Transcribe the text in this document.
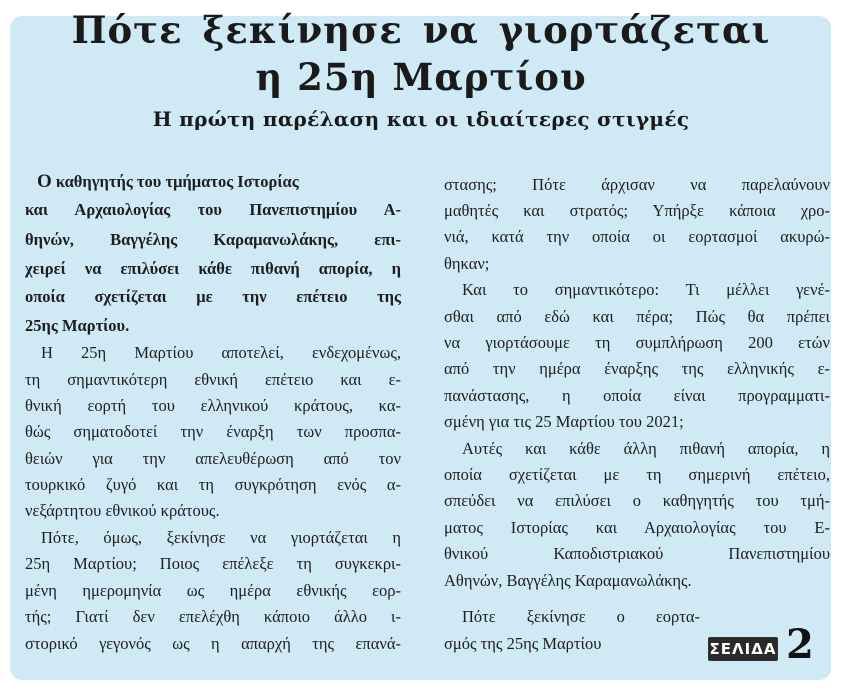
Πότε ξεκίνησε να γιορτάζεται
η 25η Μαρτίου
Η πρώτη παρέλαση και οι ιδιαίτερες στιγμές
Ο καθηγητής του τμήματος Ιστορίας
και Αρχαιολογίας του Πανεπιστημίου Α-
θηνών, Βαγγέλης Καραμανωλάκης, επι-
χειρεί να επιλύσει κάθε πιθανή απορία, η
οποία σχετίζεται με την επέτειο της
25ης Μαρτίου.
Η 25η Μαρτίου αποτελεί, ενδεχομένως,
τη σημαντικότερη εθνική επέτειο και ε-
θνική εορτή του ελληνικού κράτους, κα-
θώς σηματοδοτεί την έναρξη των προσπα-
θειών για την απελευθέρωση από τον
τουρκικό ζυγό και τη συγκρότηση ενός α-
νεξάρτητου εθνικού κράτους.
Πότε, όμως, ξεκίνησε να γιορτάζεται η
25η Μαρτίου; Ποιος επέλεξε τη συγκεκρι-
μένη ημερομηνία ως ημέρα εθνικής εορ-
τής; Γιατί δεν επελέχθη κάποιο άλλο ι-
στορικό γεγονός ως η απαρχή της επανά-
στασης; Πότε άρχισαν να παρελαύνουν
μαθητές και στρατός; Υπήρξε κάποια χρο-
νιά, κατά την οποία οι εορτασμοί ακυρώ-
θηκαν;
Και το σημαντικότερο: Τι μέλλει γενέ-
σθαι από εδώ και πέρα; Πώς θα πρέπει
να γιορτάσουμε τη συμπλήρωση 200 ετών
από την ημέρα έναρξης της ελληνικής ε-
πανάστασης, η οποία είναι προγραμματι-
σμένη για τις 25 Μαρτίου του 2021;
Αυτές και κάθε άλλη πιθανή απορία, η
οποία σχετίζεται με τη σημερινή επέτειο,
σπεύδει να επιλύσει ο καθηγητής του τμή-
ματος Ιστορίας και Αρχαιολογίας του Ε-
θνικού Καποδιστριακού Πανεπιστημίου
Αθηνών, Βαγγέλης Καραμανωλάκης.
Πότε ξεκίνησε ο εορτα-
σμός της 25ης Μαρτίου	ΣΕΛΙΔΑ 2
